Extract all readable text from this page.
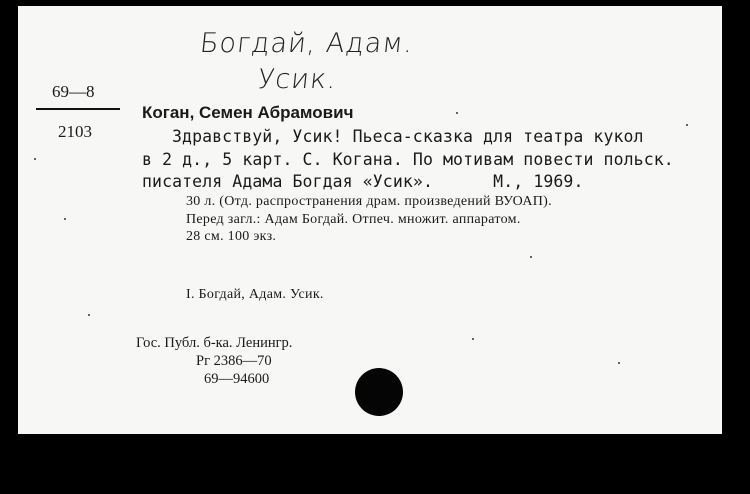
Богдай, Адам.
Усик.
69—8
2103
Коган, Семен Абрамович
Здравствуй, Усик! Пьеса-сказка для театра кукол
в 2 д., 5 карт. С. Когана. По мотивам повести польск.
писателя Адама Богдая «Усик».      М., 1969.
30 л. (Отд. распространения драм. произведений ВУОАП).
Перед загл.: Адам Богдай. Отпеч. множит. аппаратом.
28 см. 100 экз.
I. Богдай, Адам. Усик.
Гос. Публ. б-ка. Ленингр.
Рг 2386—70
69—94600
